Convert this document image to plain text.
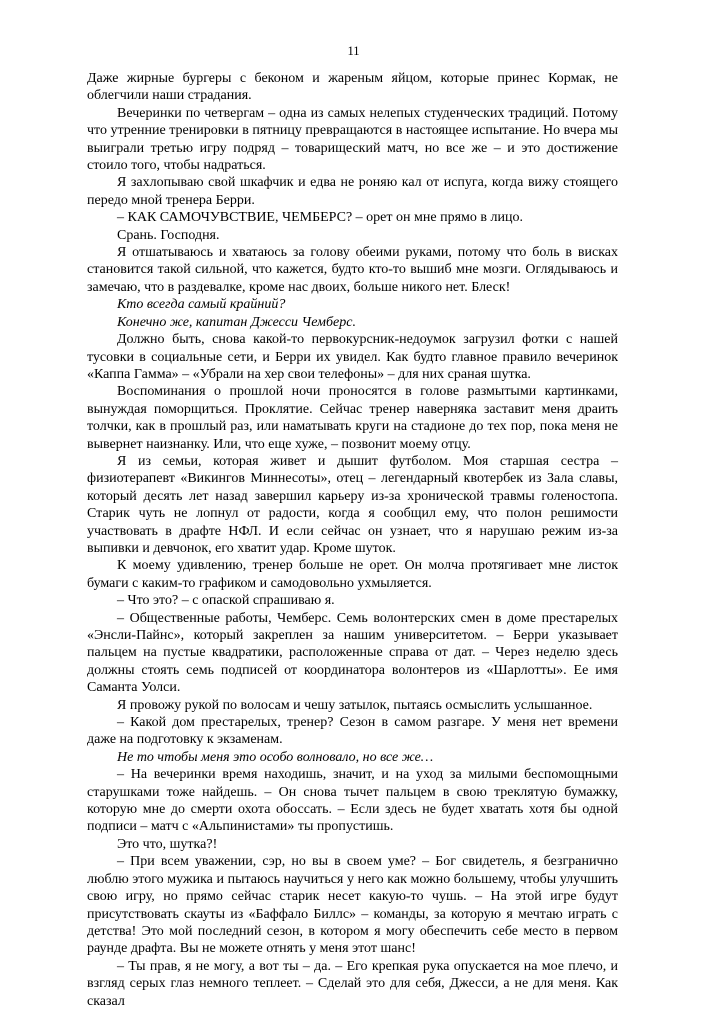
11

Даже жирные бургеры с беконом и жареным яйцом, которые принес Кормак, не облегчили наши страдания.

Вечеринки по четвергам – одна из самых нелепых студенческих традиций. Потому что утренние тренировки в пятницу превращаются в настоящее испытание. Но вчера мы выиграли третью игру подряд – товарищеский матч, но все же – и это достижение стоило того, чтобы надраться.

Я захлопываю свой шкафчик и едва не роняю кал от испуга, когда вижу стоящего передо мной тренера Берри.

– КАК САМОЧУВСТВИЕ, ЧЕМБЕРС? – орет он мне прямо в лицо.

Срань. Господня.

Я отшатываюсь и хватаюсь за голову обеими руками, потому что боль в висках становится такой сильной, что кажется, будто кто-то вышиб мне мозги. Оглядываюсь и замечаю, что в раздевалке, кроме нас двоих, больше никого нет. Блеск!

Кто всегда самый крайний?

Конечно же, капитан Джесси Чемберс.

Должно быть, снова какой-то первокурсник-недоумок загрузил фотки с нашей тусовки в социальные сети, и Берри их увидел. Как будто главное правило вечеринок «Каппа Гамма» – «Убрали на хер свои телефоны» – для них сраная шутка.

Воспоминания о прошлой ночи проносятся в голове размытыми картинками, вынуждая поморщиться. Проклятие. Сейчас тренер наверняка заставит меня драить толчки, как в прошлый раз, или наматывать круги на стадионе до тех пор, пока меня не вывернет наизнанку. Или, что еще хуже, – позвонит моему отцу.

Я из семьи, которая живет и дышит футболом. Моя старшая сестра – физиотерапевт «Викингов Миннесоты», отец – легендарный квотербек из Зала славы, который десять лет назад завершил карьеру из-за хронической травмы голеностопа. Старик чуть не лопнул от радости, когда я сообщил ему, что полон решимости участвовать в драфте НФЛ. И если сейчас он узнает, что я нарушаю режим из-за выпивки и девчонок, его хватит удар. Кроме шуток.

К моему удивлению, тренер больше не орет. Он молча протягивает мне листок бумаги с каким-то графиком и самодовольно ухмыляется.

– Что это? – с опаской спрашиваю я.

– Общественные работы, Чемберс. Семь волонтерских смен в доме престарелых «Энсли-Пайнс», который закреплен за нашим университетом. – Берри указывает пальцем на пустые квадратики, расположенные справа от дат. – Через неделю здесь должны стоять семь подписей от координатора волонтеров из «Шарлотты». Ее имя Саманта Уолси.

Я провожу рукой по волосам и чешу затылок, пытаясь осмыслить услышанное.

– Какой дом престарелых, тренер? Сезон в самом разгаре. У меня нет времени даже на подготовку к экзаменам.

Не то чтобы меня это особо волновало, но все же…

– На вечеринки время находишь, значит, и на уход за милыми беспомощными старушками тоже найдешь. – Он снова тычет пальцем в свою треклятую бумажку, которую мне до смерти охота обоссать. – Если здесь не будет хватать хотя бы одной подписи – матч с «Альпинистами» ты пропустишь.

Это что, шутка?!

– При всем уважении, сэр, но вы в своем уме? – Бог свидетель, я безгранично люблю этого мужика и пытаюсь научиться у него как можно большему, чтобы улучшить свою игру, но прямо сейчас старик несет какую-то чушь. – На этой игре будут присутствовать скауты из «Баффало Биллс» – команды, за которую я мечтаю играть с детства! Это мой последний сезон, в котором я могу обеспечить себе место в первом раунде драфта. Вы не можете отнять у меня этот шанс!

– Ты прав, я не могу, а вот ты – да. – Его крепкая рука опускается на мое плечо, и взгляд серых глаз немного теплеет. – Сделай это для себя, Джесси, а не для меня. Как сказал
